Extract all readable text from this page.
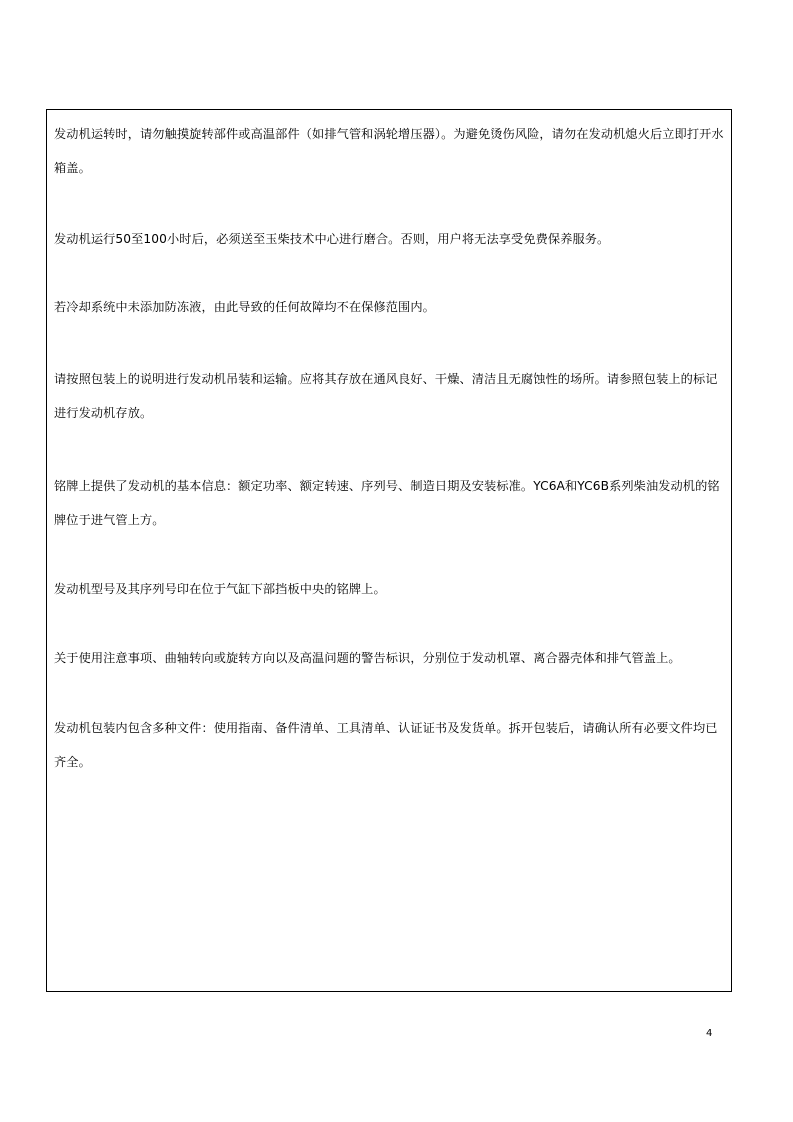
发动机运转时，请勿触摸旋转部件或高温部件（如排气管和涡轮增压器）。为避免烫伤风险，请勿在发动机熄火后立即打开水箱盖。

发动机运行50至100小时后，必须送至玉柴技术中心进行磨合。否则，用户将无法享受免费保养服务。

若冷却系统中未添加防冻液，由此导致的任何故障均不在保修范围内。

请按照包装上的说明进行发动机吊装和运输。应将其存放在通风良好、干燥、清洁且无腐蚀性的场所。请参照包装上的标记进行发动机存放。

铭牌上提供了发动机的基本信息：额定功率、额定转速、序列号、制造日期及安装标准。YC6A和YC6B系列柴油发动机的铭牌位于进气管上方。

发动机型号及其序列号印在位于气缸下部挡板中央的铭牌上。

关于使用注意事项、曲轴转向或旋转方向以及高温问题的警告标识，分别位于发动机罩、离合器壳体和排气管盖上。

发动机包装内包含多种文件：使用指南、备件清单、工具清单、认证证书及发货单。拆开包装后，请确认所有必要文件均已齐全。

4
